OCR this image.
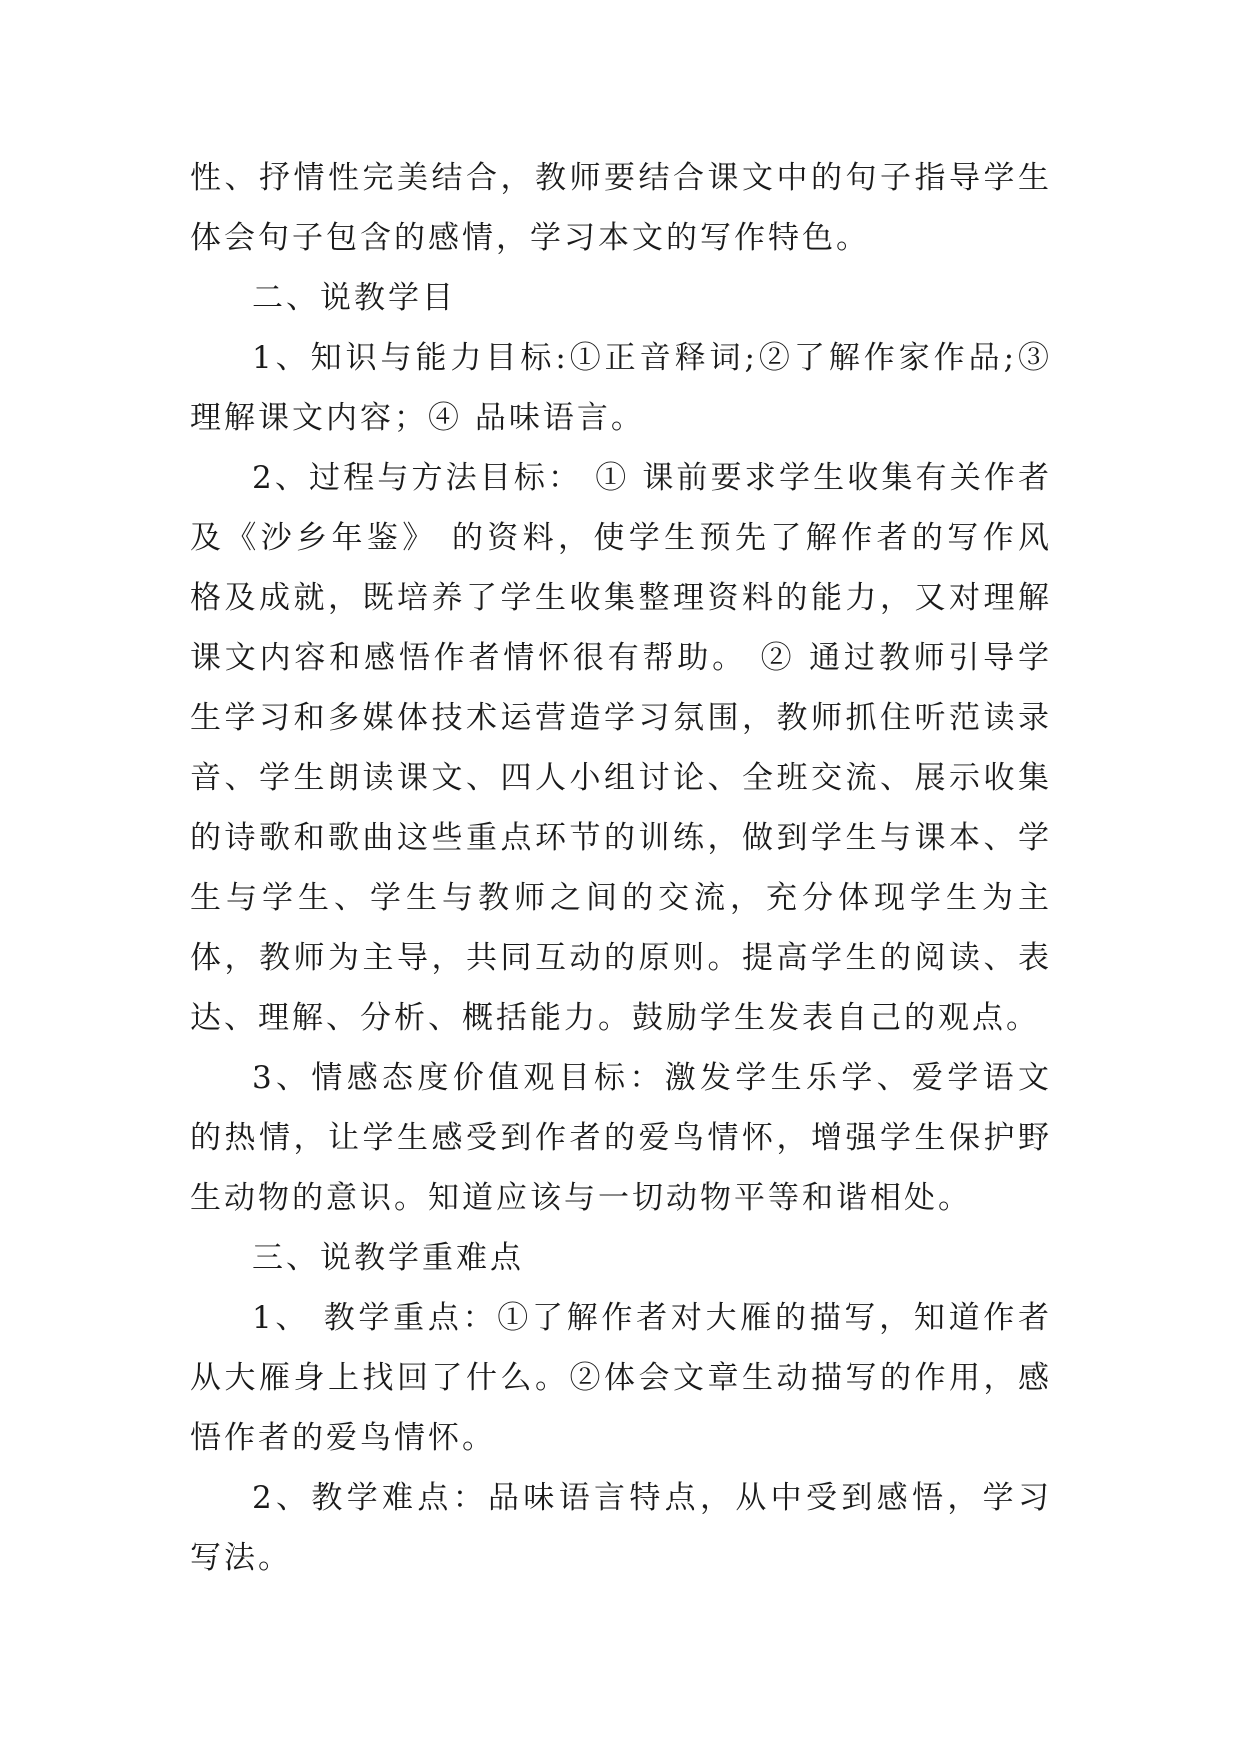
性、抒情性完美结合，教师要结合课文中的句子指导学生体会句子包含的感情，学习本文的写作特色。

二、说教学目

1、知识与能力目标:①正音释词;②了解作家作品;③理解课文内容；④ 品味语言。

2、过程与方法目标： ① 课前要求学生收集有关作者及《沙乡年鉴》 的资料，使学生预先了解作者的写作风格及成就，既培养了学生收集整理资料的能力，又对理解课文内容和感悟作者情怀很有帮助。 ② 通过教师引导学生学习和多媒体技术运营造学习氛围，教师抓住听范读录音、学生朗读课文、四人小组讨论、全班交流、展示收集的诗歌和歌曲这些重点环节的训练，做到学生与课本、学生与学生、学生与教师之间的交流，充分体现学生为主体，教师为主导，共同互动的原则。提高学生的阅读、表达、理解、分析、概括能力。鼓励学生发表自己的观点。

3、情感态度价值观目标：激发学生乐学、爱学语文的热情，让学生感受到作者的爱鸟情怀，增强学生保护野生动物的意识。知道应该与一切动物平等和谐相处。

三、说教学重难点

1、 教学重点：①了解作者对大雁的描写，知道作者从大雁身上找回了什么。②体会文章生动描写的作用，感悟作者的爱鸟情怀。

2、教学难点：品味语言特点，从中受到感悟，学习写法。
